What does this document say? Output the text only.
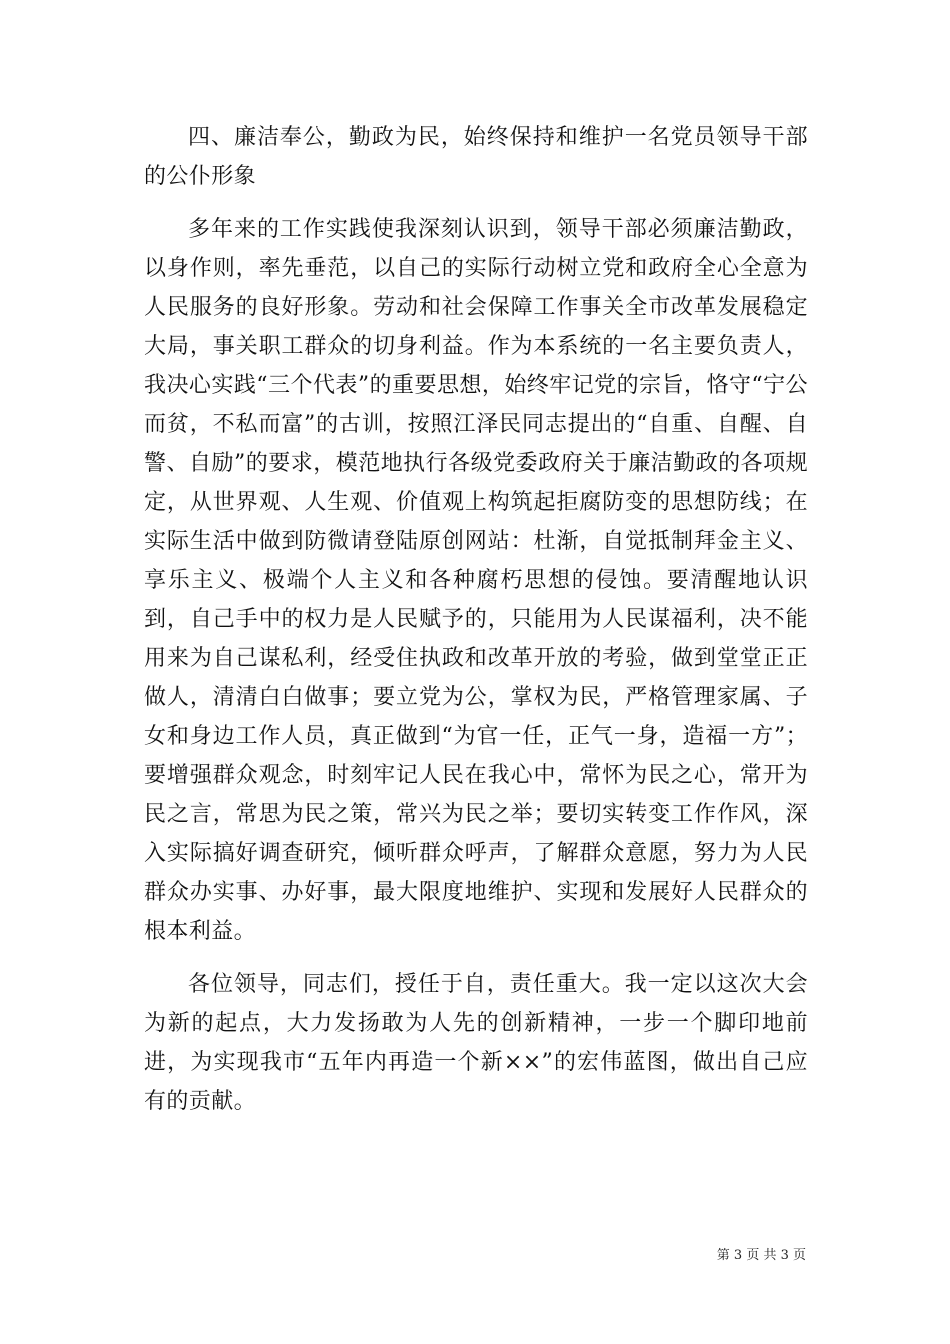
四、廉洁奉公，勤政为民，始终保持和维护一名党员领导干部的公仆形象

多年来的工作实践使我深刻认识到，领导干部必须廉洁勤政，以身作则，率先垂范，以自己的实际行动树立党和政府全心全意为人民服务的良好形象。劳动和社会保障工作事关全市改革发展稳定大局，事关职工群众的切身利益。作为本系统的一名主要负责人，我决心实践“三个代表”的重要思想，始终牢记党的宗旨，恪守“宁公而贫，不私而富”的古训，按照江泽民同志提出的“自重、自醒、自警、自励”的要求，模范地执行各级党委政府关于廉洁勤政的各项规定，从世界观、人生观、价值观上构筑起拒腐防变的思想防线；在实际生活中做到防微请登陆原创网站：杜渐，自觉抵制拜金主义、享乐主义、极端个人主义和各种腐朽思想的侵蚀。要清醒地认识到，自己手中的权力是人民赋予的，只能用为人民谋福利，决不能用来为自己谋私利，经受住执政和改革开放的考验，做到堂堂正正做人，清清白白做事；要立党为公，掌权为民，严格管理家属、子女和身边工作人员，真正做到“为官一任，正气一身，造福一方”；要增强群众观念，时刻牢记人民在我心中，常怀为民之心，常开为民之言，常思为民之策，常兴为民之举；要切实转变工作作风，深入实际搞好调查研究，倾听群众呼声，了解群众意愿，努力为人民群众办实事、办好事，最大限度地维护、实现和发展好人民群众的根本利益。

各位领导，同志们，授任于自，责任重大。我一定以这次大会为新的起点，大力发扬敢为人先的创新精神，一步一个脚印地前进，为实现我市“五年内再造一个新××”的宏伟蓝图，做出自己应有的贡献。

第 3 页 共 3 页
